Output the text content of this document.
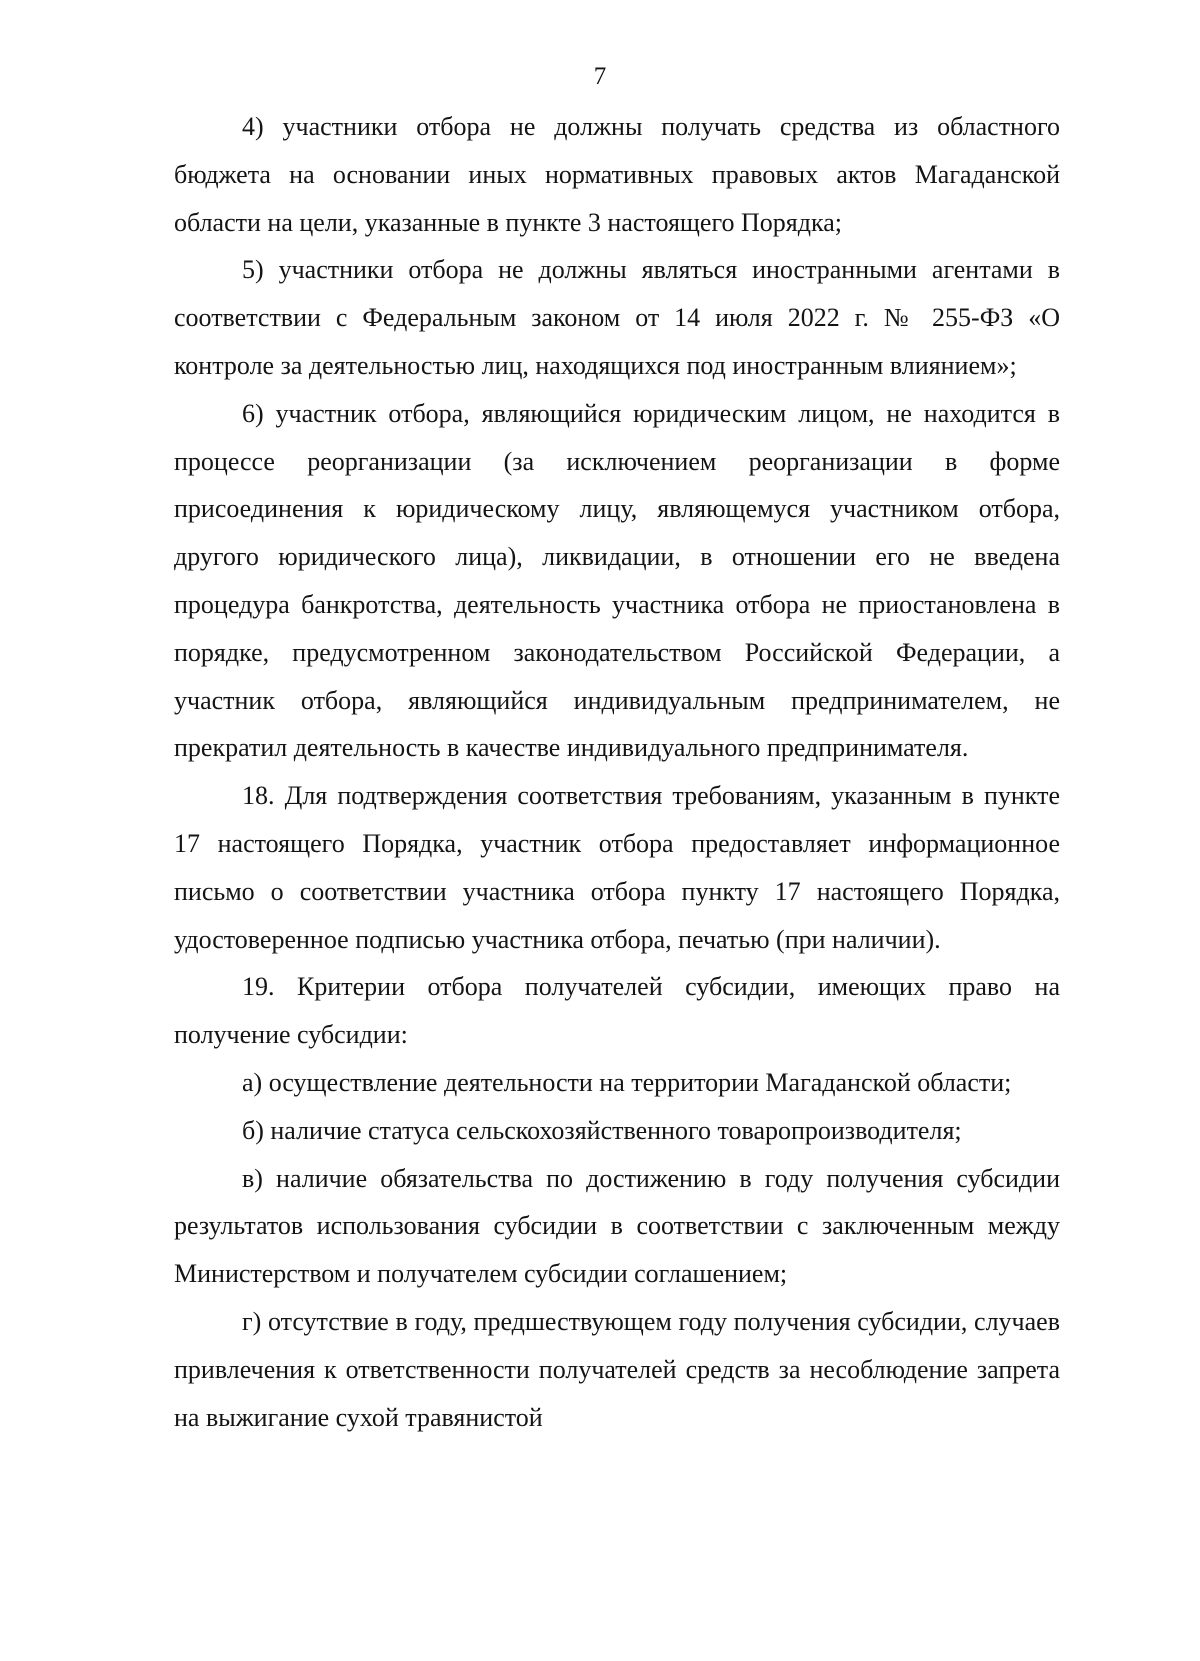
7

4) участники отбора не должны получать средства из областного бюджета на основании иных нормативных правовых актов Магаданской области на цели, указанные в пункте 3 настоящего Порядка;

5) участники отбора не должны являться иностранными агентами в соответствии с Федеральным законом от 14 июля 2022 г. № 255-ФЗ «О контроле за деятельностью лиц, находящихся под иностранным влиянием»;

6) участник отбора, являющийся юридическим лицом, не находится в процессе реорганизации (за исключением реорганизации в форме присоединения к юридическому лицу, являющемуся участником отбора, другого юридического лица), ликвидации, в отношении его не введена процедура банкротства, деятельность участника отбора не приостановлена в порядке, предусмотренном законодательством Российской Федерации, а участник отбора, являющийся индивидуальным предпринимателем, не прекратил деятельность в качестве индивидуального предпринимателя.

18. Для подтверждения соответствия требованиям, указанным в пункте 17 настоящего Порядка, участник отбора предоставляет информационное письмо о соответствии участника отбора пункту 17 настоящего Порядка, удостоверенное подписью участника отбора, печатью (при наличии).

19. Критерии отбора получателей субсидии, имеющих право на получение субсидии:

а) осуществление деятельности на территории Магаданской области;

б) наличие статуса сельскохозяйственного товаропроизводителя;

в) наличие обязательства по достижению в году получения субсидии результатов использования субсидии в соответствии с заключенным между Министерством и получателем субсидии соглашением;

г) отсутствие в году, предшествующем году получения субсидии, случаев привлечения к ответственности получателей средств за несоблюдение запрета на выжигание сухой травянистой
